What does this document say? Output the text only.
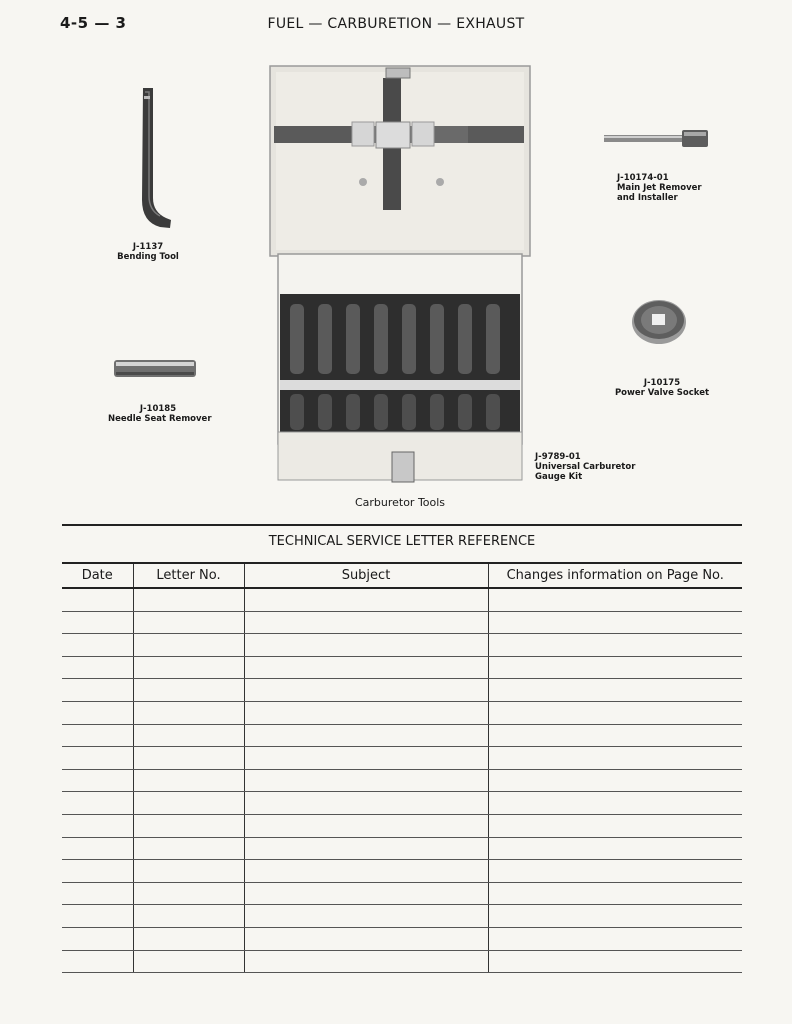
4-5 — 3	FUEL — CARBURETION — EXHAUST
J-1137
Bending Tool
J-10174-01
Main Jet Remover
and Installer
J-10185
Needle Seat Remover
J-10175
Power Valve Socket
J-9789-01
Universal Carburetor
Gauge Kit
Carburetor Tools
TECHNICAL SERVICE LETTER REFERENCE
Date	Letter No.	Subject	Changes information on Page No.
